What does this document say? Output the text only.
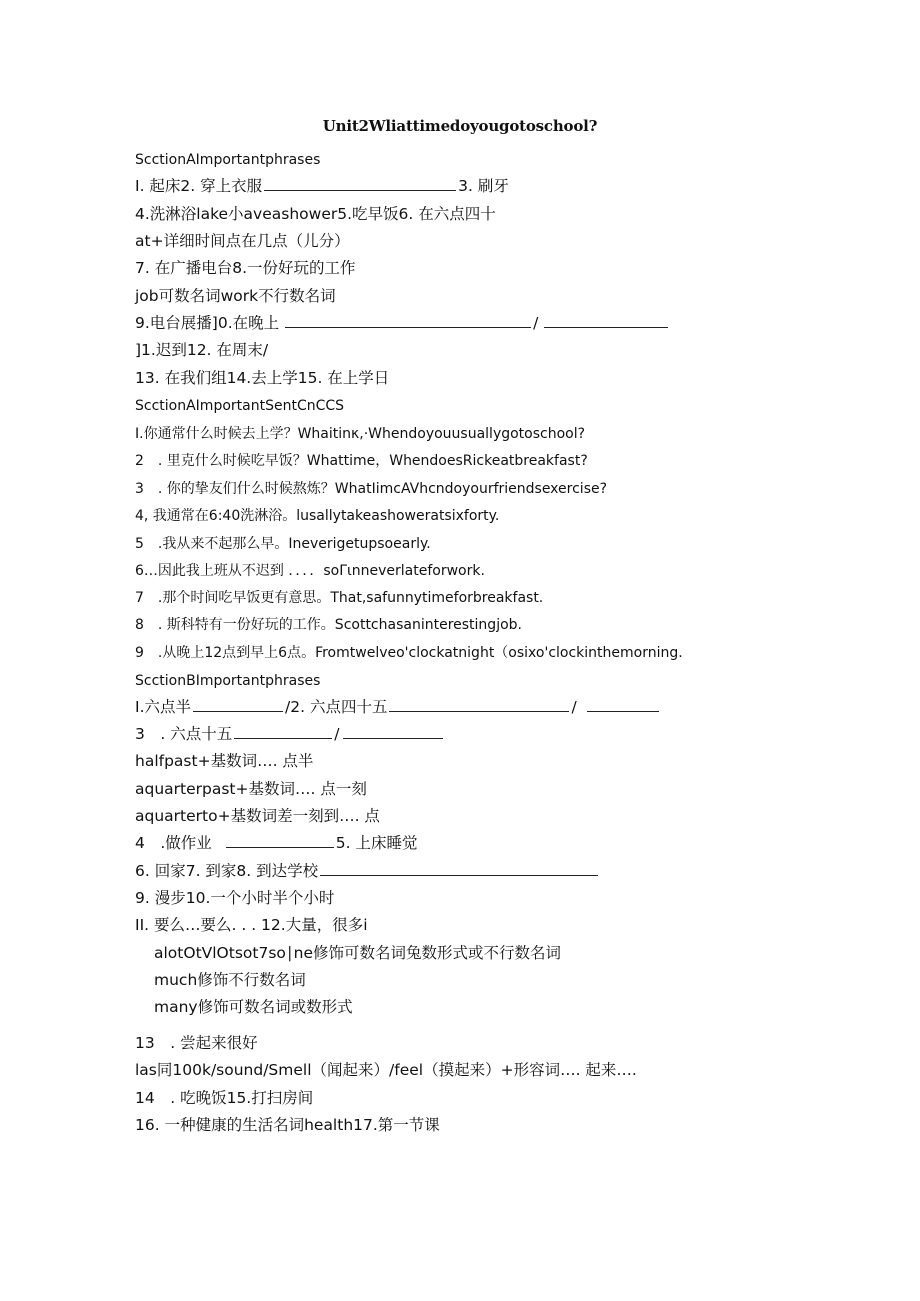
Unit2Wliattimedoyougotoschool?
ScctionAImportantphrases
I. 起床2. 穿上衣服	3. 刷牙
4.洗淋浴lake小aveashower5.吃早饭6. 在六点四十
at+详细时间点在几点（儿分）
7. 在广播电台8.一份好玩的工作
job可数名词work不行数名词
9.电台展播]0.在晚上	/
]1.迟到12. 在周末/
13. 在我们组14.去上学15. 在上学日
ScctionAImportantSentCnCCS
I.你通常什么时候去上学？Whaitinκ,·Whendoyouusuallygotoschool?
2　. 里克什么时候吃早饭？Whattime，WhendoesRickeatbreakfast?
3　. 你的挚友们什么时候熬炼？WhatIimcAVhcndoyourfriendsexercise?
4, 我通常在6:40洗淋浴。lusallytakeashoweratsixforty.
5　.我从来不起那么早。Ineverigetupsoearly.
6…因此我上班从不迟到 ．．．．soΓιnneverlateforwork.
7　.那个时间吃早饭更有意思。That,safunnytimeforbreakfast.
8　. 斯科特有一份好玩的工作。Scottchasaninterestingjob.
9　.从晚上12点到早上6点。Fromtwelveo'clockatnight（osixo'clockinthemorning.
ScctionBImportantphrases
I.六点半	/2. 六点四十五	/
3　. 六点十五	/
halfpast+基数词…. 点半
aquarterpast+基数词…. 点一刻
aquarterto+基数词差一刻到…. 点
4　.做作业	5. 上床睡觉
6. 回家7. 到家8. 到达学校
9. 漫步10.一个小时半个小时
II. 要么…要么. . . 12.大量，很多i
alotOtVlOtsot7so∣ne修饰可数名词兔数形式或不行数名词
much修饰不行数名词
many修饰可数名词或数形式
13　. 尝起来很好
las同100k/sound/Smell（闻起来）/feel（摸起来）+形容词…. 起来….
14　. 吃晚饭15.打扫房间
16. 一种健康的生活名词health17.第一节课
